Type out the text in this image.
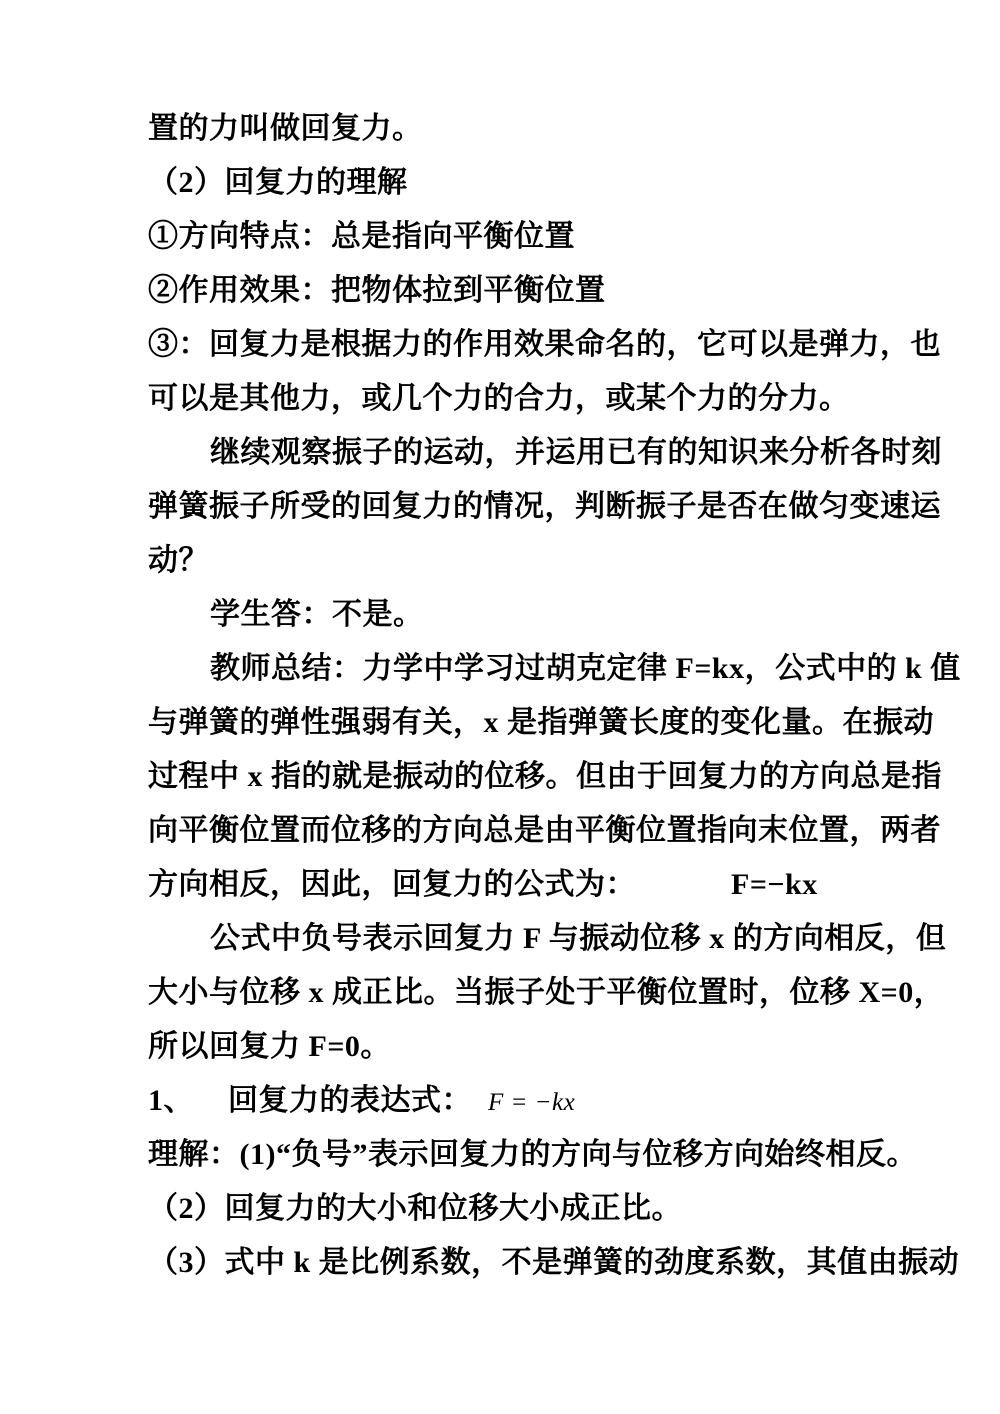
置的力叫做回复力。
（2）回复力的理解
①方向特点：总是指向平衡位置
②作用效果：把物体拉到平衡位置
③：回复力是根据力的作用效果命名的，它可以是弹力，也
可以是其他力，或几个力的合力，或某个力的分力。
继续观察振子的运动，并运用已有的知识来分析各时刻
弹簧振子所受的回复力的情况，判断振子是否在做匀变速运
动？
学生答：不是。
教师总结：力学中学习过胡克定律 F=kx，公式中的 k 值
与弹簧的弹性强弱有关，x 是指弹簧长度的变化量。在振动
过程中 x 指的就是振动的位移。但由于回复力的方向总是指
向平衡位置而位移的方向总是由平衡位置指向末位置，两者
方向相反，因此，回复力的公式为：	F=−kx
公式中负号表示回复力 F 与振动位移 x 的方向相反，但
大小与位移 x 成正比。当振子处于平衡位置时，位移 X=0，
所以回复力 F=0。
1、 回复力的表达式： F = −kx
理解：(1)“负号”表示回复力的方向与位移方向始终相反。
（2）回复力的大小和位移大小成正比。
（3）式中 k 是比例系数，不是弹簧的劲度系数，其值由振动
